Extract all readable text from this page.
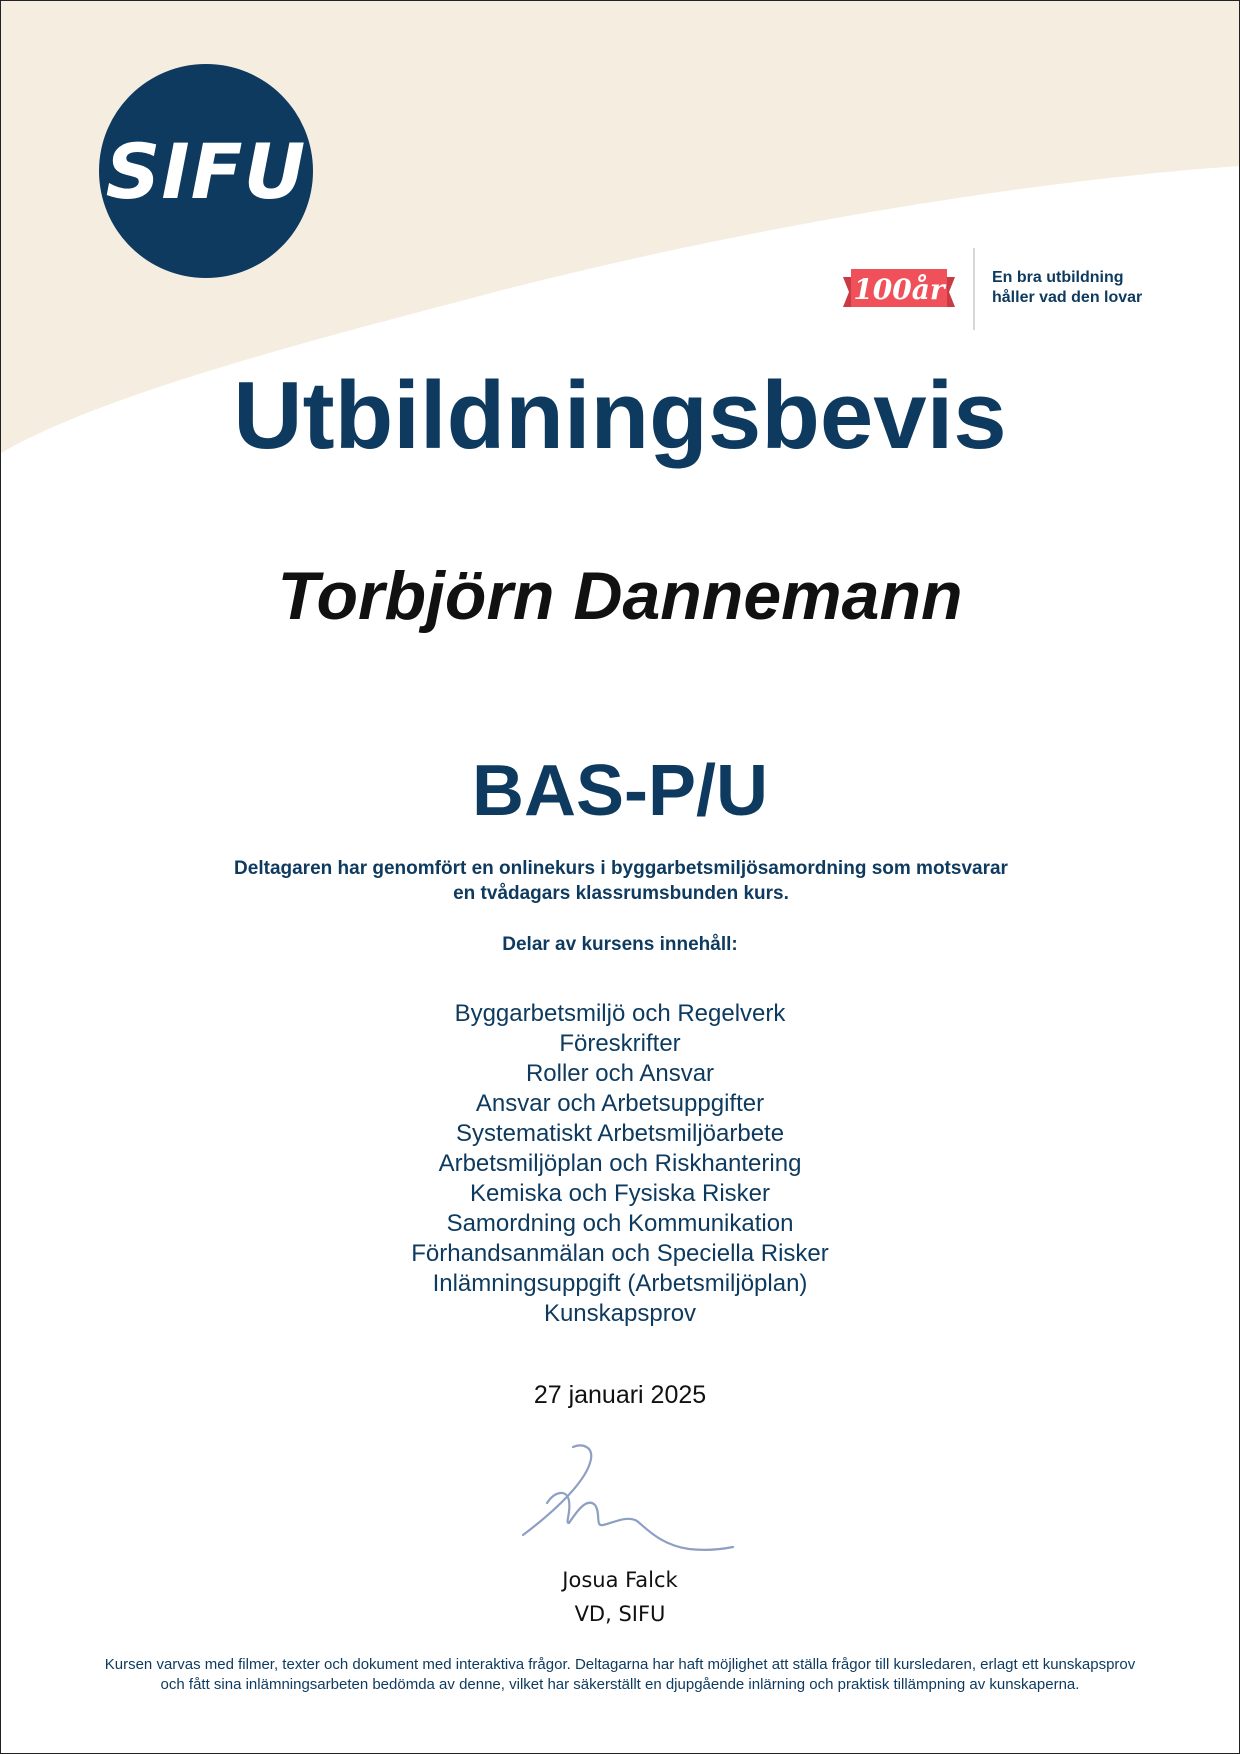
SIFU
100år	En bra utbildning
håller vad den lovar
Utbildningsbevis
Torbjörn Dannemann
BAS-P/U
Deltagaren har genomfört en onlinekurs i byggarbetsmiljösamordning som motsvarar en tvådagars klassrumsbunden kurs.
Delar av kursens innehåll:
Byggarbetsmiljö och Regelverk
Föreskrifter
Roller och Ansvar
Ansvar och Arbetsuppgifter
Systematiskt Arbetsmiljöarbete
Arbetsmiljöplan och Riskhantering
Kemiska och Fysiska Risker
Samordning och Kommunikation
Förhandsanmälan och Speciella Risker
Inlämningsuppgift (Arbetsmiljöplan)
Kunskapsprov
27 januari 2025
Josua Falck
VD, SIFU
Kursen varvas med filmer, texter och dokument med interaktiva frågor. Deltagarna har haft möjlighet att ställa frågor till kursledaren, erlagt ett kunskapsprov och fått sina inlämningsarbeten bedömda av denne, vilket har säkerställt en djupgående inlärning och praktisk tillämpning av kunskaperna.
